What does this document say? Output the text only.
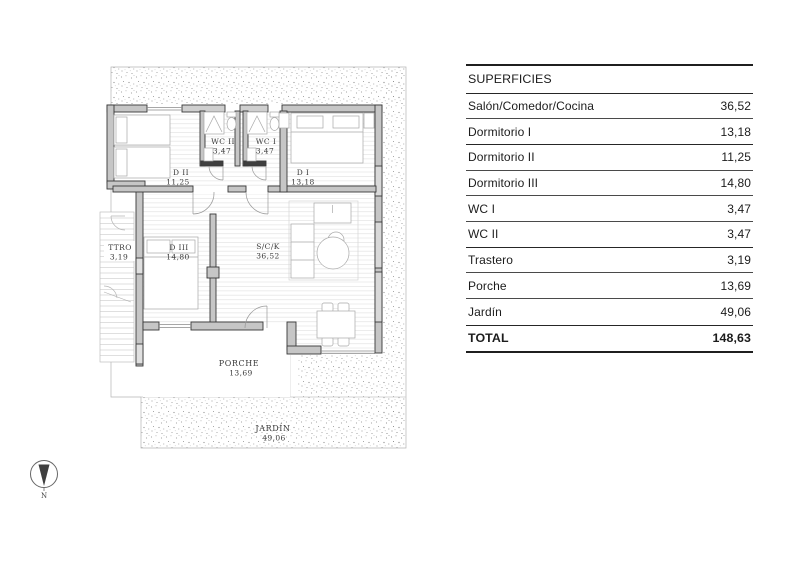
D II
11,25
WC II
3,47
WC I
3,47
D I
13,18
TTRO
3,19
D III
14,80
S/C/K
36,52
PORCHE
13,69
JARDÍN
49,06
N
SUPERFICIES
Salón/Comedor/Cocina	36,52
Dormitorio I	13,18
Dormitorio II	11,25
Dormitorio III	14,80
WC I	3,47
WC II	3,47
Trastero	3,19
Porche	13,69
Jardín	49,06
TOTAL	148,63
